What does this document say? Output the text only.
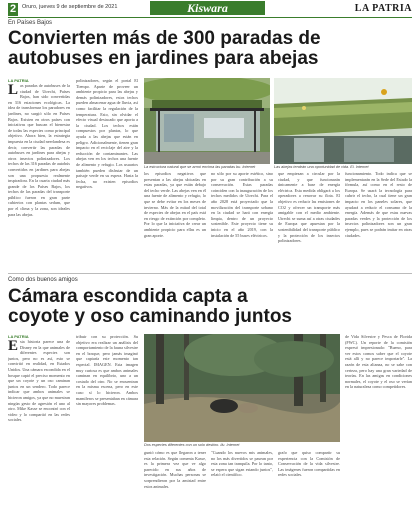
2	Oruro, jueves 9 de septiembre de 2021	Kiswara	LA PATRIA
En Países Bajos
Convierten más de 300 paradas de
autobuses en jardines para abejas
LA PATRIA
L as paradas de autobuses de la ciudad de Utrecht, Países Bajos, han sido convertidas en 316 estaciones ecológicas. La idea de transformar los paradores en jardines, no surgió sólo en Países Bajos. Existen en otros países con iniciativas que buscan el bienestar de todas las especies como principal objetivo. Ahora bien, la estrategia impuesta en la ciudad neerlandesa es decir, convertir las paradas de autobuses en jardines para abejas y otros insectos polinizadores. Los techos de las 316 paradas de autobús convertidos en jardines para abejas son una propuesta realmente inspiradora. En la cuarta ciudad más grande de los Países Bajos, los techos de las paradas del transporte público fueron en gran parte cubiertos con plantas sedum, que por el clima y la zona, son ideales para las abejas.
polinizadores, según el portal El Tiempo. Aparte de proveer un ambiente propicio para las abejas y demás polinizadores, estos techos pueden almacenar agua de lluvia, así como facilitar la regulación de la temperatura. Esto, sin olvidar el efecto visual destacado que aporta a la ciudad. Los techos están compuestos por plantas, lo que ayuda a las abejas que están en peligro. Adicionalmente, tienen gran impacto en el reciclaje del aire y la reducción de contaminantes. Las abejas ven en los techos una fuente de alimento y refugio. Los usuarios también pueden disfrutar de un paisaje verde en su espera. Hasta la fecha, no existen episodios negativos.
La estructura natural que se armó encima las paradas bu. Internet	Las abejas tendrán una oportunidad de vida. El. Internet
los episodios negativos que presentan a las abejas ubicadas en estas paradas, ya que están debajo del techo verde. Las abejas ven en él una fuente de alimento y refugio, lo que se debe evitar en los meses de invierno. Más de la mitad del total de especies de abejas en el país está en riesgo de extinción por completo. Por lo que la iniciativa de crear un ambiente propicio para ellas es un gran aporte.
no sólo por su aporte estético, sino por su gran contribución a su conservación. Estas paradas coinciden con la inauguración de los techos medidos de Utrecht. Para el año 2028 está proyectado que la movilización del transporte urbano en la ciudad se hará con energía limpia, dentro de un proyecto sostenible. Este proyecto tiene su inicio en el año 2019, con la instalación de 55 buses eléctricos.
que empiezan a circular por la ciudad, y que funcionarán únicamente a base de energía eléctrica. Esta medida obligará a los operadores a renovar su flota. El objetivo es reducir las emisiones de CO2 y ofrecer un transporte más amigable con el medio ambiente. Utrecht se suma así a otras ciudades de Europa que apuestan por la sostenibilidad del transporte público y la protección de los insectos polinizadores.
funcionamiento. Todo indica que se implementarán en la Sede del Estado la fórmula, así como en el resto de Europa. Se usará la tecnología para cubrir el techo, la cual tiene un gran impacto en los paneles solares, que ayudará a reducir el consumo de la energía. Además de que estas nuevas paradas verdes y la protección de los insectos polinizadores son un gran ejemplo, pues se podrán imitar en otras ciudades.
Como dos buenos amigos
Cámara escondida capta a
coyote y oso caminando juntos
LA PATRIA
E sta historia parece una de Disney en la que animales de diferentes especies son juntos, pero no es así, esto se convirtió en realidad, en Estados Unidos. Una cámara escondida en el bosque captó el preciso momento en que un coyote y un oso caminan juntos en un sendero. Todo parece indicar que ambos animales se hicieron amigos, ya que no muestran ningún gesto de agresión el uno al otro. Mike Kasse se encontró con el video y lo compartió en las redes sociales.
tribuir con su protección. Su objetivo era realizar un análisis del comportamiento de la fauna silvestre en el bosque, pero jamás imaginó que captaría este momento tan especial. IMAGEN. Esta imagen muy curiosa es que ambos animales caminan en equilibrio, uno a un costado del otro. No se encuentran en la misma escena, pero en este caso sí lo hicieron. Ambos mamíferos se presentaban en cámara sin mayores problemas.
Dos especies diferentes con un solo destino. Ilu. Internet
guntó cómo es que llegaron a tener esta relación. Según comenta Kasse, es la primera vez que ve algo parecido en sus años de investigación. Muchas personas se sorprendieron por la amistad entre estos animales.
"Cuando los nuevos mis animales, no los más divertidos se pasean por esta zona tan tranquila. Por lo tanto, se espera que sigan estando juntos", relató el científico.
grafo que quiso compartir su experiencia con la Comisión de Conservación de la vida silvestre. Las imágenes fueron compartidas en redes sociales.
de Vida Silvestre y Pesca de Florida (FWC). Un reporte de la comisión expresó impresionado: "Bueno, para ver estos comos saber que el coyote está allí y no parece importarle". La razón de esta alianza, no se sabe con certeza, pero hay una gran variedad de teorías. En las amigas en condiciones normales, el coyote y el oso se verían en la naturaleza como competidores.
